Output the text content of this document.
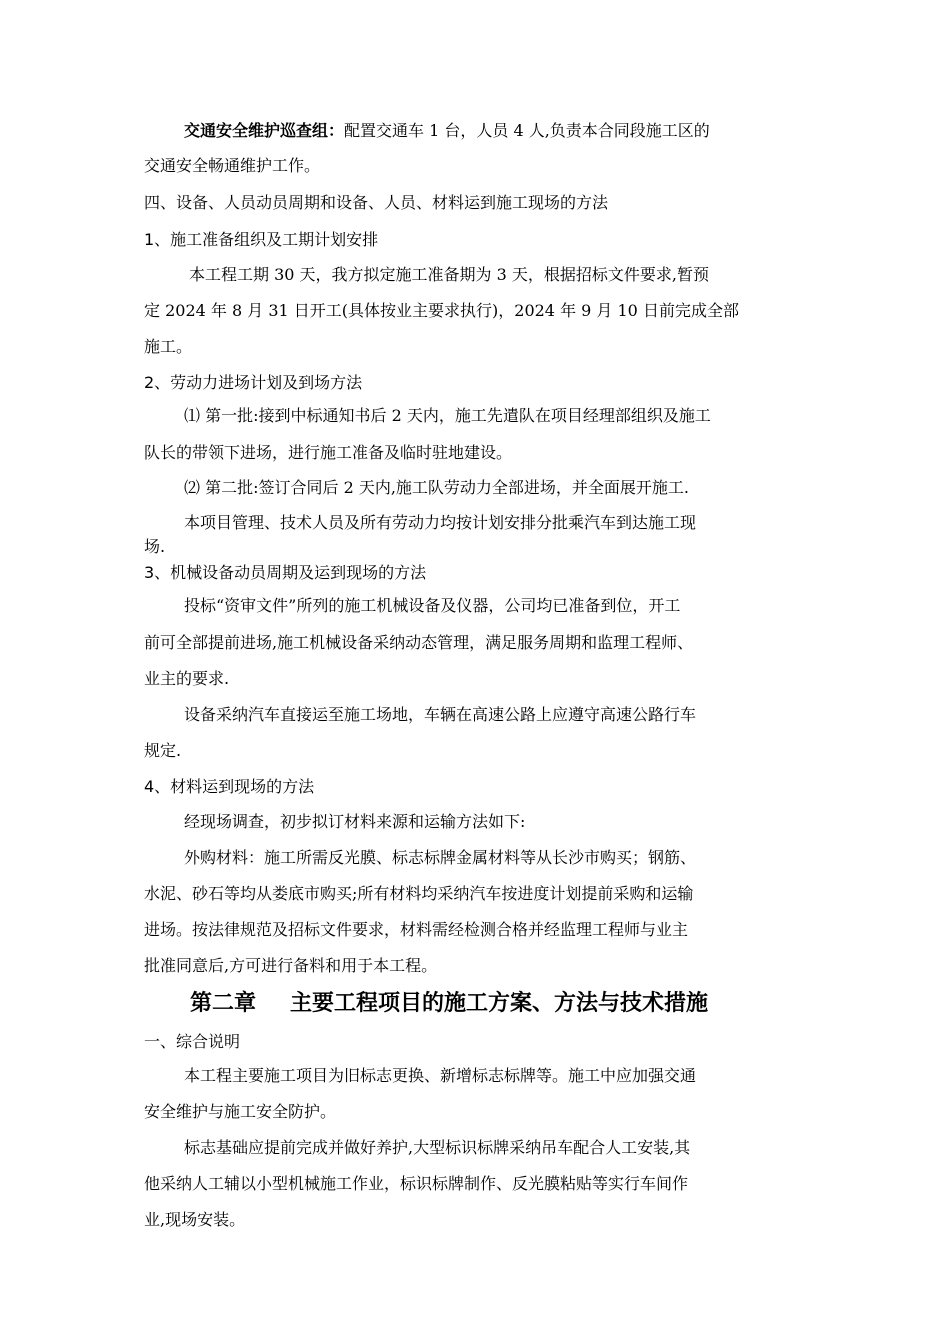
交通安全维护巡查组：配置交通车 1 台，人员 4 人,负责本合同段施工区的
交通安全畅通维护工作。
四、设备、人员动员周期和设备、人员、材料运到施工现场的方法
1、施工准备组织及工期计划安排
本工程工期 30 天，我方拟定施工准备期为 3 天，根据招标文件要求,暂预
定 2024 年 8 月 31 日开工(具体按业主要求执行)，2024 年 9 月 10 日前完成全部
施工。
2、劳动力进场计划及到场方法
⑴ 第一批:接到中标通知书后 2 天内，施工先遣队在项目经理部组织及施工
队长的带领下进场，进行施工准备及临时驻地建设。
⑵ 第二批:签订合同后 2 天内,施工队劳动力全部进场，并全面展开施工.
本项目管理、技术人员及所有劳动力均按计划安排分批乘汽车到达施工现
场.
3、机械设备动员周期及运到现场的方法
投标“资审文件”所列的施工机械设备及仪器，公司均已准备到位，开工
前可全部提前进场,施工机械设备采纳动态管理，满足服务周期和监理工程师、
业主的要求.
设备采纳汽车直接运至施工场地，车辆在高速公路上应遵守高速公路行车
规定.
4、材料运到现场的方法
经现场调查，初步拟订材料来源和运输方法如下:
外购材料：施工所需反光膜、标志标牌金属材料等从长沙市购买；钢筋、
水泥、砂石等均从娄底市购买;所有材料均采纳汽车按进度计划提前采购和运输
进场。按法律规范及招标文件要求，材料需经检测合格并经监理工程师与业主
批准同意后,方可进行备料和用于本工程。
第二章 主要工程项目的施工方案、方法与技术措施
一、综合说明
本工程主要施工项目为旧标志更换、新增标志标牌等。施工中应加强交通
安全维护与施工安全防护。
标志基础应提前完成并做好养护,大型标识标牌采纳吊车配合人工安装,其
他采纳人工辅以小型机械施工作业，标识标牌制作、反光膜粘贴等实行车间作
业,现场安装。
